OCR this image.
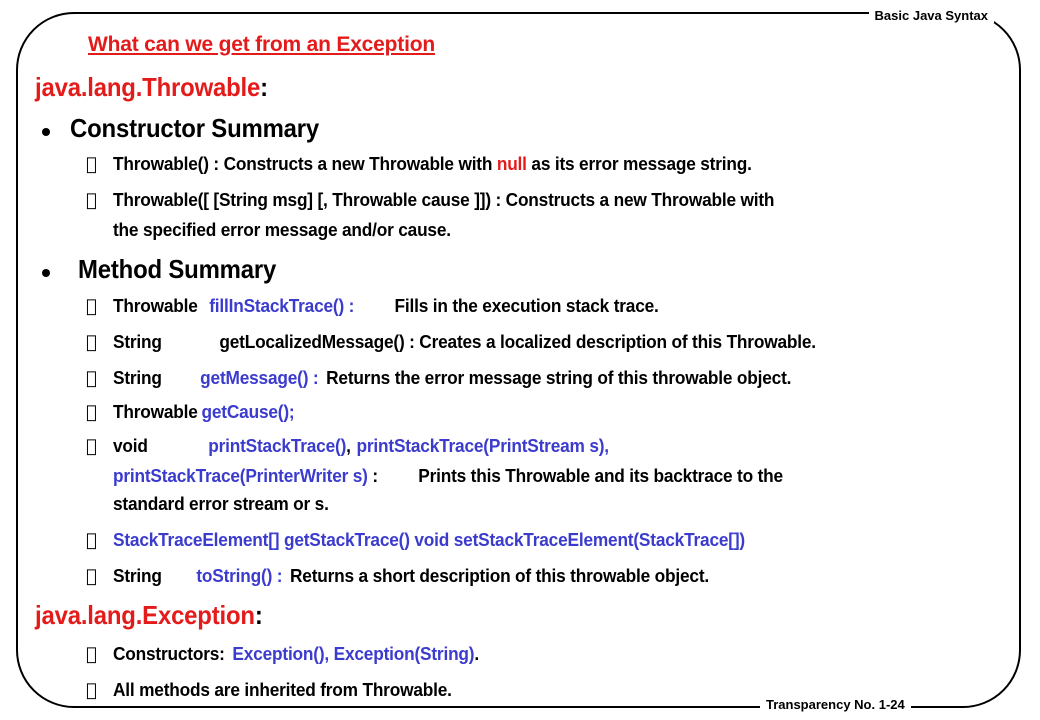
Basic Java Syntax
Transparency No. 1-24
What can we get from an Exception
java.lang.Throwable:
Constructor Summary
Throwable() : Constructs a new Throwable with null as its error message string.
Throwable([ [String msg] [, Throwable cause ]]) : Constructs a new Throwable with
the specified error message and/or cause.
Method Summary
Throwable fillInStackTrace() : Fills in the execution stack trace.
String	getLocalizedMessage() : Creates a localized description of this Throwable.
String getMessage() : Returns the error message string of this throwable object.
Throwable getCause();
void	printStackTrace(), printStackTrace(PrintStream s),
printStackTrace(PrinterWriter s) : Prints this Throwable and its backtrace to the
standard error stream or s.
StackTraceElement[] getStackTrace() void setStackTraceElement(StackTrace[])
String toString() : Returns a short description of this throwable object.
java.lang.Exception:
Constructors: Exception(), Exception(String).
All methods are inherited from Throwable.
